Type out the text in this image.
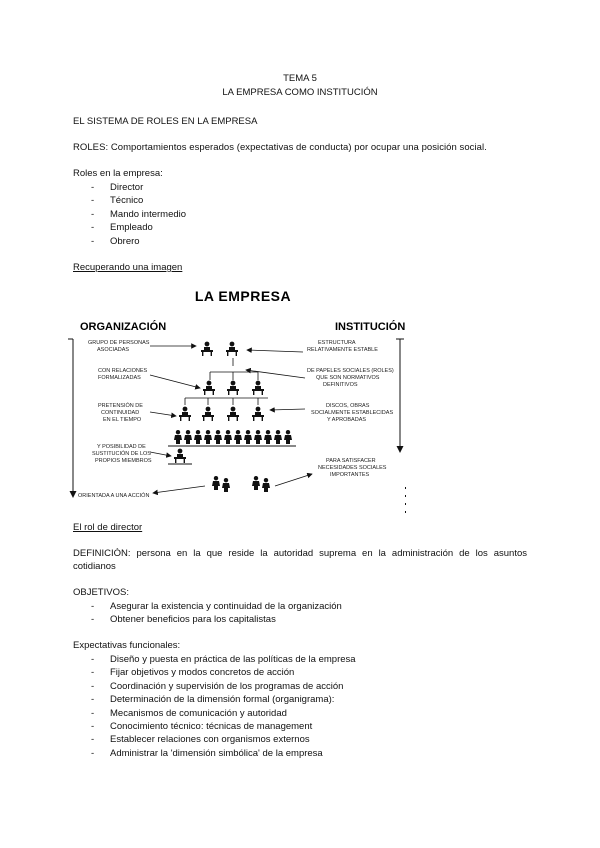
TEMA 5
LA EMPRESA COMO INSTITUCIÓN
EL SISTEMA DE ROLES EN LA EMPRESA
ROLES: Comportamientos esperados (expectativas de conducta) por ocupar una posición social.
Roles en la empresa:
- Director
- Técnico
- Mando intermedio
- Empleado
- Obrero
Recuperando una imagen
LA EMPRESA
ORGANIZACIÓN	INSTITUCIÓN
GRUPO DE PERSONAS ASOCIADAS
CON RELACIONES FORMALIZADAS
PRETENSIÓN DE CONTINUIDAD EN EL TIEMPO
Y POSIBILIDAD DE SUSTITUCIÓN DE LOS PROPIOS MIEMBROS
ORIENTADA A UNA ACCIÓN
ESTRUCTURA RELATIVAMENTE ESTABLE
DE PAPELES SOCIALES (ROLES) QUE SON NORMATIVOS DEFINITIVOS
DISCOS, OBRAS SOCIALMENTE ESTABLECIDAS Y APROBADAS
PARA SATISFACER NECESIDADES SOCIALES IMPORTANTES
El rol de director
DEFINICIÓN: persona en la que reside la autoridad suprema en la administración de los asuntos
cotidianos
OBJETIVOS:
- Asegurar la existencia y continuidad de la organización
- Obtener beneficios para los capitalistas
Expectativas funcionales:
- Diseño y puesta en práctica de las políticas de la empresa
- Fijar objetivos y modos concretos de acción
- Coordinación y supervisión de los programas de acción
- Determinación de la dimensión formal (organigrama):
- Mecanismos de comunicación y autoridad
- Conocimiento técnico: técnicas de management
- Establecer relaciones con organismos externos
- Administrar la 'dimensión simbólica' de la empresa
